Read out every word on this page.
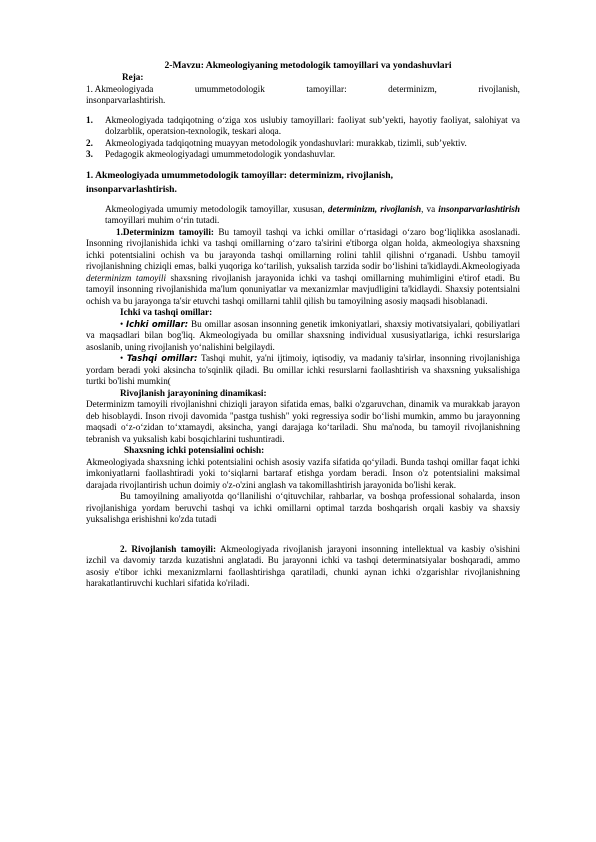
2-Mavzu: Akmeologiyaning metodologik tamoyillari va yondashuvlari

Reja:

1. Akmeologiyada	umummetodologik	tamoyillar:	determinizm,	rivojlanish,

insonparvarlashtirish.

1. Akmeologiyada tadqiqotning o‘ziga xos uslubiy tamoyillari: faoliyat sub’yekti, hayotiy faoliyat, salohiyat va dolzarblik, operatsion-texnologik, teskari aloqa.
2. Akmeologiyada tadqiqotning muayyan metodologik yondashuvlari: murakkab, tizimli, sub’yektiv.
3. Pedagogik akmeologiyadagi umummetodologik yondashuvlar.

1. Akmeologiyada umummetodologik tamoyillar: determinizm, rivojlanish, insonparvarlashtirish.

Akmeologiyada umumiy metodologik tamoyillar, xususan, determinizm, rivojlanish, va insonparvarlashtirish tamoyillari muhim o‘rin tutadi.

1.Determinizm tamoyili: Bu tamoyil tashqi va ichki omillar o‘rtasidagi o‘zaro bog‘liqlikka asoslanadi. Insonning rivojlanishida ichki va tashqi omillarning o‘zaro ta'sirini e'tiborga olgan holda, akmeologiya shaxsning ichki potentsialini ochish va bu jarayonda tashqi omillarning rolini tahlil qilishni o‘rganadi. Ushbu tamoyil rivojlanishning chiziqli emas, balki yuqoriga ko‘tarilish, yuksalish tarzida sodir bo‘lishini ta'kidlaydi.Akmeologiyada determinizm tamoyili shaxsning rivojlanish jarayonida ichki va tashqi omillarning muhimligini e'tirof etadi. Bu tamoyil insonning rivojlanishida ma'lum qonuniyatlar va mexanizmlar mavjudligini ta'kidlaydi. Shaxsiy potentsialni ochish va bu jarayonga ta'sir etuvchi tashqi omillarni tahlil qilish bu tamoyilning asosiy maqsadi hisoblanadi.

Ichki va tashqi omillar:

• Ichki omillar: Bu omillar asosan insonning genetik imkoniyatlari, shaxsiy motivatsiyalari, qobiliyatlari va maqsadlari bilan bog'liq. Akmeologiyada bu omillar shaxsning individual xususiyatlariga, ichki resurslariga asoslanib, uning rivojlanish yo‘nalishini belgilaydi.

• Tashqi omillar: Tashqi muhit, ya'ni ijtimoiy, iqtisodiy, va madaniy ta'sirlar, insonning rivojlanishiga yordam beradi yoki aksincha to'sqinlik qiladi. Bu omillar ichki resurslarni faollashtirish va shaxsning yuksalishiga turtki bo'lishi mumkin(

Rivojlanish jarayonining dinamikasi:

Determinizm tamoyili rivojlanishni chiziqli jarayon sifatida emas, balki o'zgaruvchan, dinamik va murakkab jarayon deb hisoblaydi. Inson rivoji davomida "pastga tushish" yoki regressiya sodir bo‘lishi mumkin, ammo bu jarayonning maqsadi o‘z-o‘zidan to‘xtamaydi, aksincha, yangi darajaga ko‘tariladi. Shu ma'noda, bu tamoyil rivojlanishning tebranish va yuksalish kabi bosqichlarini tushuntiradi.

Shaxsning ichki potensialini ochish:

Akmeologiyada shaxsning ichki potentsialini ochish asosiy vazifa sifatida qo‘yiladi. Bunda tashqi omillar faqat ichki imkoniyatlarni faollashtiradi yoki to‘siqlarni bartaraf etishga yordam beradi. Inson o'z potentsialini maksimal darajada rivojlantirish uchun doimiy o'z-o'zini anglash va takomillashtirish jarayonida bo'lishi kerak.

Bu tamoyilning amaliyotda qo‘llanilishi o‘qituvchilar, rahbarlar, va boshqa professional sohalarda, inson rivojlanishiga yordam beruvchi tashqi va ichki omillarni optimal tarzda boshqarish orqali kasbiy va shaxsiy yuksalishga erishishni ko'zda tutadi

2. Rivojlanish tamoyili: Akmeologiyada rivojlanish jarayoni insonning intellektual va kasbiy o'sishini izchil va davomiy tarzda kuzatishni anglatadi. Bu jarayonni ichki va tashqi determinatsiyalar boshqaradi, ammo asosiy e'tibor ichki mexanizmlarni faollashtirishga qaratiladi, chunki aynan ichki o'zgarishlar rivojlanishning harakatlantiruvchi kuchlari sifatida ko'riladi.
